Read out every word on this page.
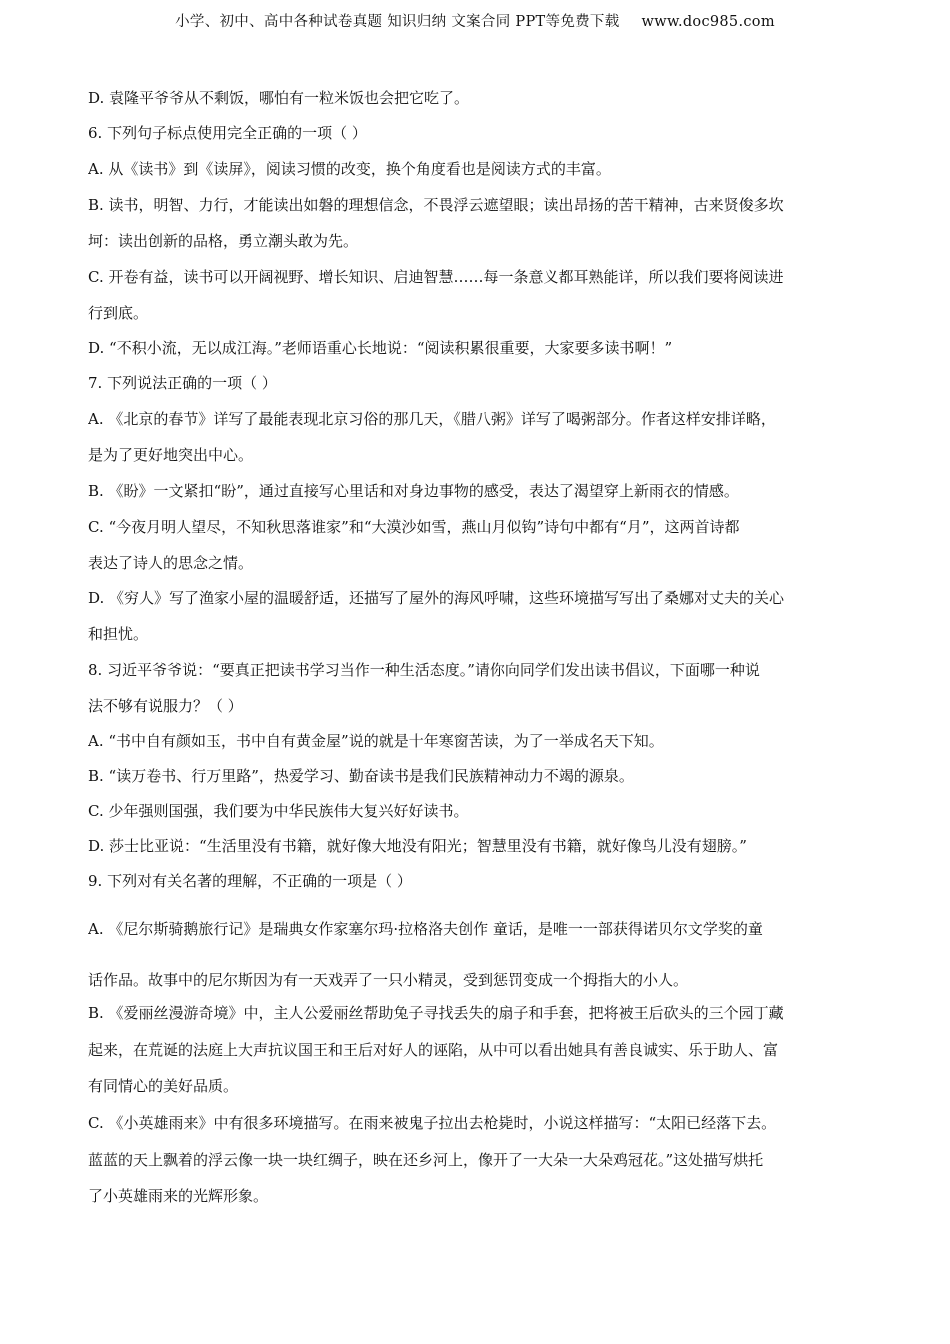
小学、初中、高中各种试卷真题 知识归纳 文案合同 PPT等免费下载 www.doc985.com
D. 袁隆平爷爷从不剩饭，哪怕有一粒米饭也会把它吃了。
6. 下列句子标点使用完全正确的一项（ ）
A. 从《读书》到《读屏》，阅读习惯的改变，换个角度看也是阅读方式的丰富。
B. 读书，明智、力行，才能读出如磐的理想信念，不畏浮云遮望眼；读出昂扬的苦干精神，古来贤俊多坎
坷：读出创新的品格，勇立潮头敢为先。
C. 开卷有益，读书可以开阔视野、增长知识、启迪智慧……每一条意义都耳熟能详，所以我们要将阅读进
行到底。
D. “不积小流，无以成江海。”老师语重心长地说：“阅读积累很重要，大家要多读书啊！”
7. 下列说法正确的一项（ ）
A. 《北京的春节》详写了最能表现北京习俗的那几天，《腊八粥》详写了喝粥部分。作者这样安排详略，
是为了更好地突出中心。
B. 《盼》一文紧扣“盼”，通过直接写心里话和对身边事物的感受，表达了渴望穿上新雨衣的情感。
C. “今夜月明人望尽，不知秋思落谁家”和“大漠沙如雪，燕山月似钩”诗句中都有“月”，这两首诗都
表达了诗人的思念之情。
D. 《穷人》写了渔家小屋的温暖舒适，还描写了屋外的海风呼啸，这些环境描写写出了桑娜对丈夫的关心
和担忧。
8. 习近平爷爷说：“要真正把读书学习当作一种生活态度。”请你向同学们发出读书倡议，下面哪一种说
法不够有说服力？（ ）
A. “书中自有颜如玉，书中自有黄金屋”说的就是十年寒窗苦读，为了一举成名天下知。
B. “读万卷书、行万里路”，热爱学习、勤奋读书是我们民族精神动力不竭的源泉。
C. 少年强则国强，我们要为中华民族伟大复兴好好读书。
D. 莎士比亚说：“生活里没有书籍，就好像大地没有阳光；智慧里没有书籍，就好像鸟儿没有翅膀。”
9. 下列对有关名著的理解，不正确的一项是（ ）
A. 《尼尔斯骑鹅旅行记》是瑞典女作家塞尔玛·拉格洛夫创作 童话，是唯一一部获得诺贝尔文学奖的童
话作品。故事中的尼尔斯因为有一天戏弄了一只小精灵，受到惩罚变成一个拇指大的小人。
B. 《爱丽丝漫游奇境》中，主人公爱丽丝帮助兔子寻找丢失的扇子和手套，把将被王后砍头的三个园丁藏
起来，在荒诞的法庭上大声抗议国王和王后对好人的诬陷，从中可以看出她具有善良诚实、乐于助人、富
有同情心的美好品质。
C. 《小英雄雨来》中有很多环境描写。在雨来被鬼子拉出去枪毙时，小说这样描写：“太阳已经落下去。
蓝蓝的天上飘着的浮云像一块一块红绸子，映在还乡河上，像开了一大朵一大朵鸡冠花。”这处描写烘托
了小英雄雨来的光辉形象。
